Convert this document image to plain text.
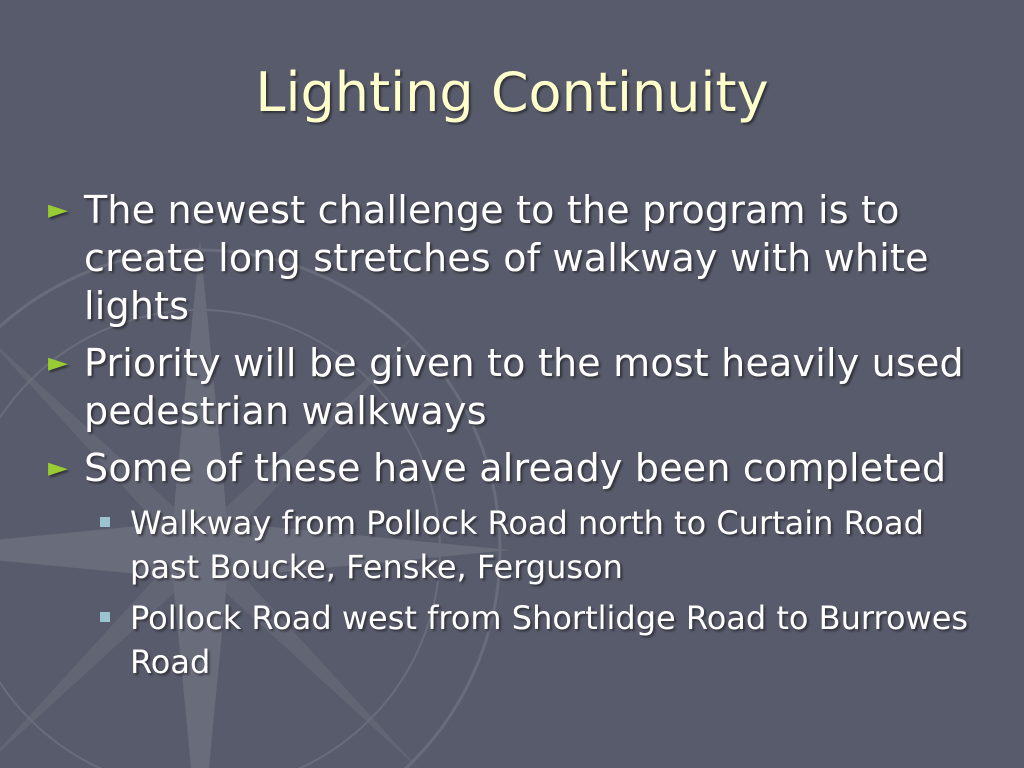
Lighting Continuity
► The newest challenge to the program is to create long stretches of walkway with white lights
► Priority will be given to the most heavily used pedestrian walkways
► Some of these have already been completed
Walkway from Pollock Road north to Curtain Road past Boucke, Fenske, Ferguson
Pollock Road west from Shortlidge Road to Burrowes Road
